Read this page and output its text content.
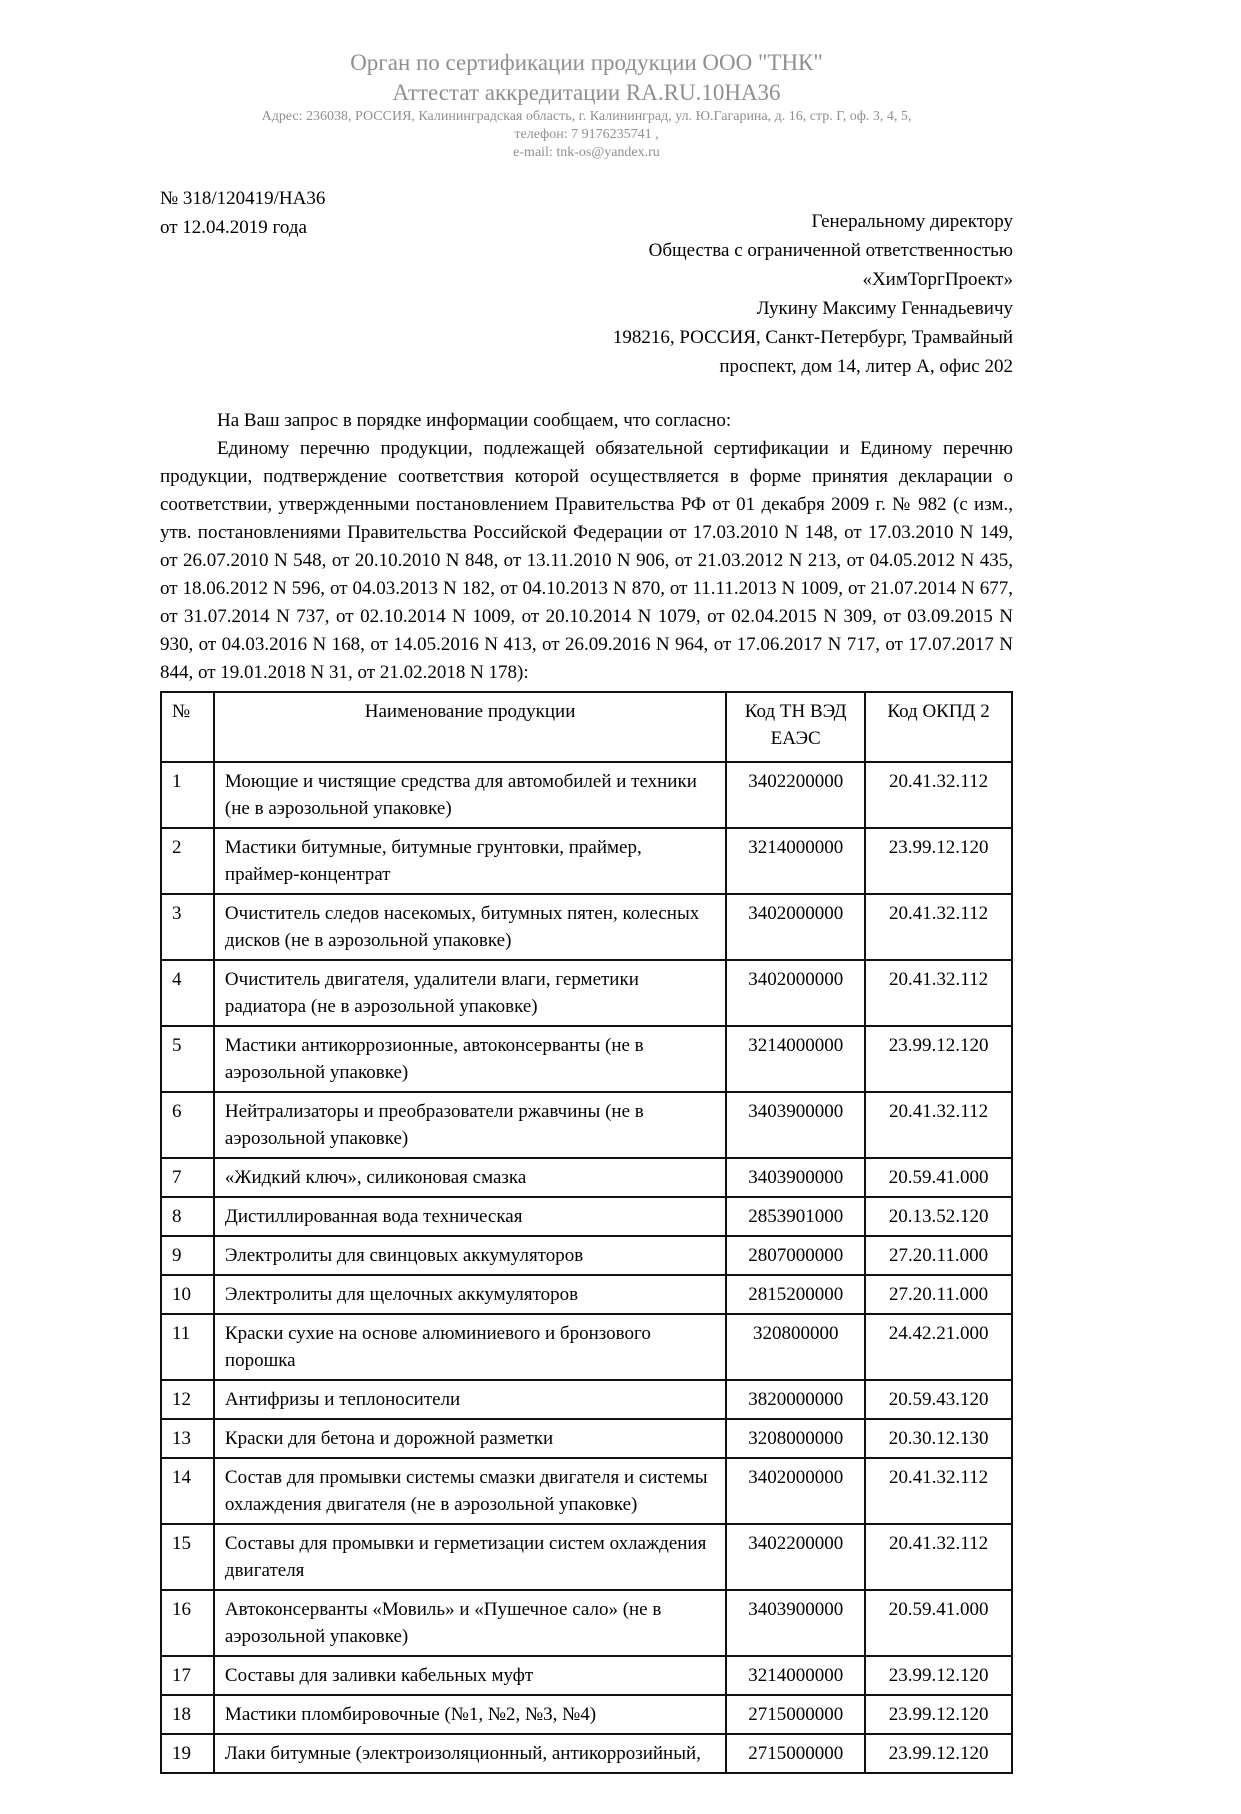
Орган по сертификации продукции ООО "ТНК"
Аттестат аккредитации RA.RU.10НА36
Адрес: 236038, РОССИЯ, Калининградская область, г. Калининград, ул. Ю.Гагарина, д. 16, стр. Г, оф. 3, 4, 5,
телефон: 7 9176235741 ,
e-mail: tnk-os@yandex.ru
№ 318/120419/НА36
от 12.04.2019 года	Генеральному директору
Общества с ограниченной ответственностью
«ХимТоргПроект»
Лукину Максиму Геннадьевичу
198216, РОССИЯ, Санкт-Петербург, Трамвайный
проспект, дом 14, литер А, офис 202

На Ваш запрос в порядке информации сообщаем, что согласно:

Единому перечню продукции, подлежащей обязательной сертификации и Единому перечню продукции, подтверждение соответствия которой осуществляется в форме принятия декларации о соответствии, утвержденными постановлением Правительства РФ от 01 декабря 2009 г. № 982 (с изм., утв. постановлениями Правительства Российской Федерации от 17.03.2010 N 148, от 17.03.2010 N 149, от 26.07.2010 N 548, от 20.10.2010 N 848, от 13.11.2010 N 906, от 21.03.2012 N 213, от 04.05.2012 N 435, от 18.06.2012 N 596, от 04.03.2013 N 182, от 04.10.2013 N 870, от 11.11.2013 N 1009, от 21.07.2014 N 677, от 31.07.2014 N 737, от 02.10.2014 N 1009, от 20.10.2014 N 1079, от 02.04.2015 N 309, от 03.09.2015 N 930, от 04.03.2016 N 168, от 14.05.2016 N 413, от 26.09.2016 N 964, от 17.06.2017 N 717, от 17.07.2017 N 844, от 19.01.2018 N 31, от 21.02.2018 N 178):

№	Наименование продукции	Код ТН ВЭД ЕАЭС	Код ОКПД 2
1	Моющие и чистящие средства для автомобилей и техники (не в аэрозольной упаковке)	3402200000	20.41.32.112
2	Мастики битумные, битумные грунтовки, праймер, праймер-концентрат	3214000000	23.99.12.120
3	Очиститель следов насекомых, битумных пятен, колесных дисков (не в аэрозольной упаковке)	3402000000	20.41.32.112
4	Очиститель двигателя, удалители влаги, герметики радиатора (не в аэрозольной упаковке)	3402000000	20.41.32.112
5	Мастики антикоррозионные, автоконсерванты (не в аэрозольной упаковке)	3214000000	23.99.12.120
6	Нейтрализаторы и преобразователи ржавчины (не в аэрозольной упаковке)	3403900000	20.41.32.112
7	«Жидкий ключ», силиконовая смазка	3403900000	20.59.41.000
8	Дистиллированная вода техническая	2853901000	20.13.52.120
9	Электролиты для свинцовых аккумуляторов	2807000000	27.20.11.000
10	Электролиты для щелочных аккумуляторов	2815200000	27.20.11.000
11	Краски сухие на основе алюминиевого и бронзового порошка	320800000	24.42.21.000
12	Антифризы и теплоносители	3820000000	20.59.43.120
13	Краски для бетона и дорожной разметки	3208000000	20.30.12.130
14	Состав для промывки системы смазки двигателя и системы охлаждения двигателя (не в аэрозольной упаковке)	3402000000	20.41.32.112
15	Составы для промывки и герметизации систем охлаждения двигателя	3402200000	20.41.32.112
16	Автоконсерванты «Мовиль» и «Пушечное сало» (не в аэрозольной упаковке)	3403900000	20.59.41.000
17	Составы для заливки кабельных муфт	3214000000	23.99.12.120
18	Мастики пломбировочные (№1, №2, №3, №4)	2715000000	23.99.12.120
19	Лаки битумные (электроизоляционный, антикоррозийный,	2715000000	23.99.12.120
